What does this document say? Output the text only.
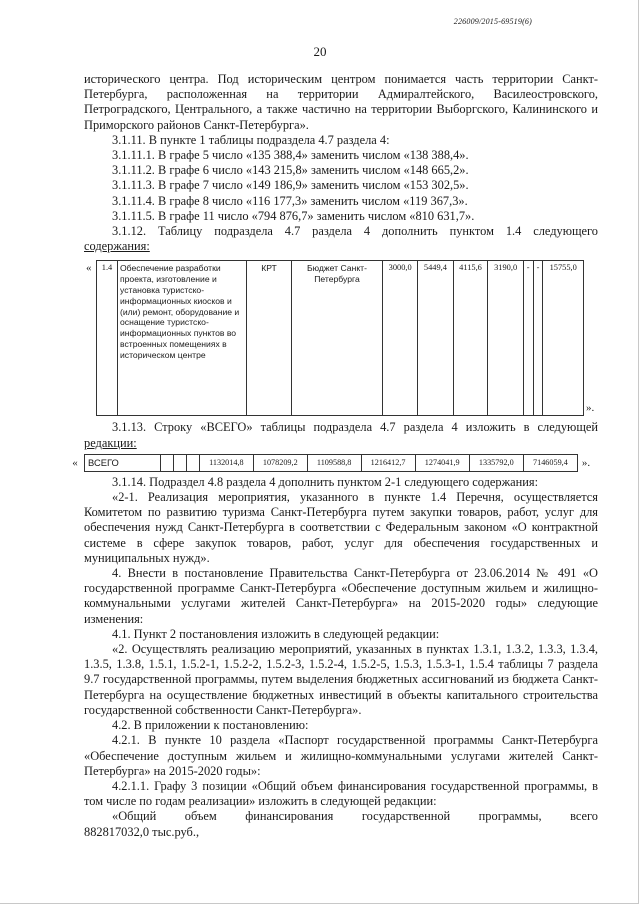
226009/2015-69519(6)
20

исторического центра. Под историческим центром понимается часть территории Санкт-Петербурга, расположенная на территории Адмиралтейского, Василеостровского, Петроградского, Центрального, а также частично на территории Выборгского, Калининского и Приморского районов Санкт-Петербурга».

3.1.11. В пункте 1 таблицы подраздела 4.7 раздела 4:

3.1.11.1. В графе 5 число «135 388,4» заменить числом «138 388,4».

3.1.11.2. В графе 6 число «143 215,8» заменить числом «148 665,2».

3.1.11.3. В графе 7 число «149 186,9» заменить числом «153 302,5».

3.1.11.4. В графе 8 число «116 177,3» заменить числом «119 367,3».

3.1.11.5. В графе 11 число «794 876,7» заменить числом «810 631,7».

3.1.12. Таблицу подраздела 4.7 раздела 4 дополнить пунктом 1.4 следующего

содержания:

«	1.4	Обеспечение разработки проекта, изготовление и установка туристско-информационных киосков и (или) ремонт, оборудование и оснащение туристско-информационных пунктов во встроенных помещениях в историческом центре	КРТ	Бюджет Санкт-Петербурга	3000,0	5449,4	4115,6	3190,0	-	-	15755,0	».

3.1.13. Строку «ВСЕГО» таблицы подраздела 4.7 раздела 4 изложить в следующей

редакции:

«	ВСЕГО				1132014,8	1078209,2	1109588,8	1216412,7	1274041,9	1335792,0	7146059,4	».

3.1.14. Подраздел 4.8 раздела 4 дополнить пунктом 2-1 следующего содержания:

«2-1. Реализация мероприятия, указанного в пункте 1.4 Перечня, осуществляется Комитетом по развитию туризма Санкт-Петербурга путем закупки товаров, работ, услуг для обеспечения нужд Санкт-Петербурга в соответствии с Федеральным законом «О контрактной системе в сфере закупок товаров, работ, услуг для обеспечения государственных и муниципальных нужд».

4. Внести в постановление Правительства Санкт-Петербурга от 23.06.2014 № 491 «О государственной программе Санкт-Петербурга «Обеспечение доступным жильем и жилищно-коммунальными услугами жителей Санкт-Петербурга» на 2015-2020 годы» следующие изменения:

4.1. Пункт 2 постановления изложить в следующей редакции:

«2. Осуществлять реализацию мероприятий, указанных в пунктах 1.3.1, 1.3.2, 1.3.3, 1.3.4, 1.3.5, 1.3.8, 1.5.1, 1.5.2-1, 1.5.2-2, 1.5.2-3, 1.5.2-4, 1.5.2-5, 1.5.3, 1.5.3-1, 1.5.4 таблицы 7 раздела 9.7 государственной программы, путем выделения бюджетных ассигнований из бюджета Санкт-Петербурга на осуществление бюджетных инвестиций в объекты капитального строительства государственной собственности Санкт-Петербурга».

4.2. В приложении к постановлению:

4.2.1. В пункте 10 раздела «Паспорт государственной программы Санкт-Петербурга «Обеспечение доступным жильем и жилищно-коммунальными услугами жителей Санкт-Петербурга» на 2015-2020 годы»:

4.2.1.1. Графу 3 позиции «Общий объем финансирования государственной программы, в том числе по годам реализации» изложить в следующей редакции:

«Общий объем финансирования государственной программы, всего

882817032,0 тыс.руб.,
